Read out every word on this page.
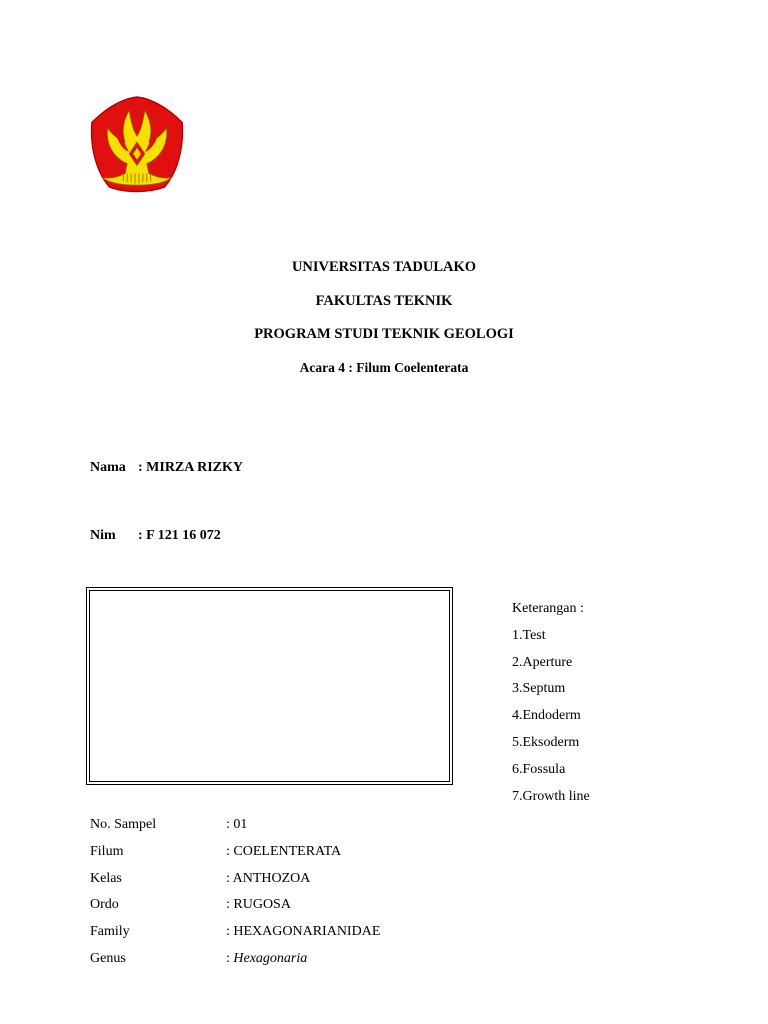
UNIVERSITAS TADULAKO
FAKULTAS TEKNIK
PROGRAM STUDI TEKNIK GEOLOGI
Acara 4 : Filum Coelenterata
Nama : MIRZA RIZKY
Nim : F 121 16 072
Keterangan :
1.Test
2.Aperture
3.Septum
4.Endoderm
5.Eksoderm
6.Fossula
7.Growth line
No. Sampel	: 01
Filum	: COELENTERATA
Kelas	: ANTHOZOA
Ordo	: RUGOSA
Family	: HEXAGONARIANIDAE
Genus	: Hexagonaria
